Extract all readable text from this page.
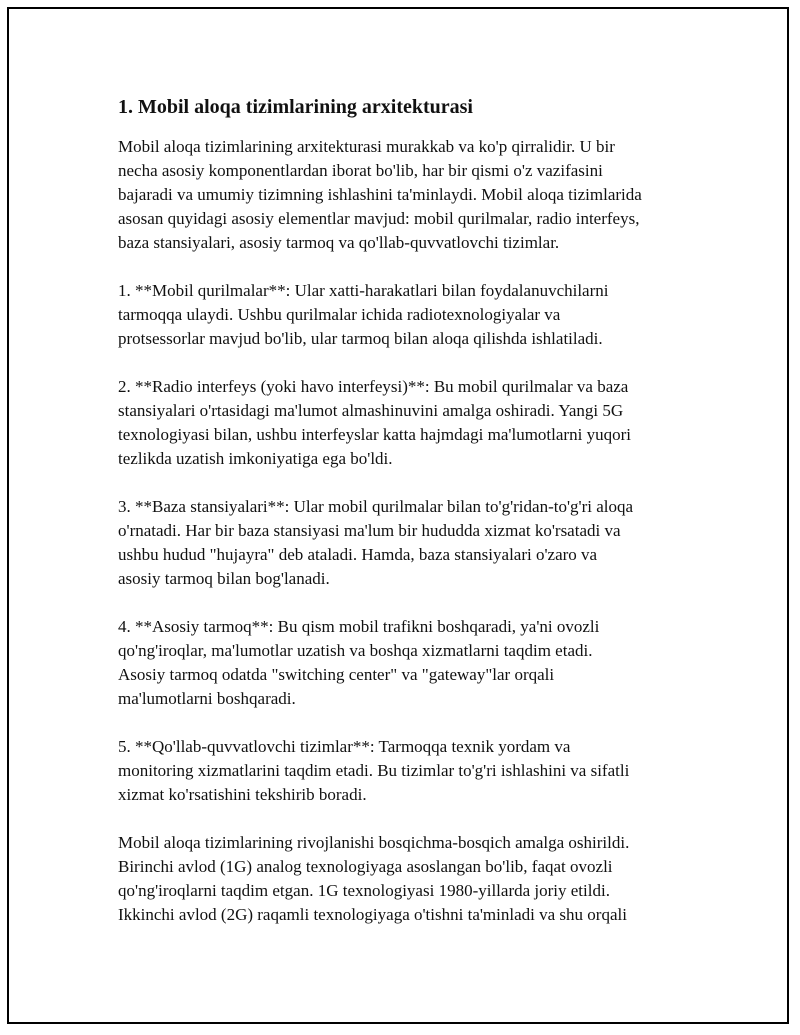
1. Mobil aloqa tizimlarining arxitekturasi

Mobil aloqa tizimlarining arxitekturasi murakkab va ko'p qirralidir. U bir
necha asosiy komponentlardan iborat bo'lib, har bir qismi o'z vazifasini
bajaradi va umumiy tizimning ishlashini ta'minlaydi. Mobil aloqa tizimlarida
asosan quyidagi asosiy elementlar mavjud: mobil qurilmalar, radio interfeys,
baza stansiyalari, asosiy tarmoq va qo'llab-quvvatlovchi tizimlar.

1. **Mobil qurilmalar**: Ular xatti-harakatlari bilan foydalanuvchilarni
tarmoqqa ulaydi. Ushbu qurilmalar ichida radiotexnologiyalar va
protsessorlar mavjud bo'lib, ular tarmoq bilan aloqa qilishda ishlatiladi.

2. **Radio interfeys (yoki havo interfeysi)**: Bu mobil qurilmalar va baza
stansiyalari o'rtasidagi ma'lumot almashinuvini amalga oshiradi. Yangi 5G
texnologiyasi bilan, ushbu interfeyslar katta hajmdagi ma'lumotlarni yuqori
tezlikda uzatish imkoniyatiga ega bo'ldi.

3. **Baza stansiyalari**: Ular mobil qurilmalar bilan to'g'ridan-to'g'ri aloqa
o'rnatadi. Har bir baza stansiyasi ma'lum bir hududda xizmat ko'rsatadi va
ushbu hudud "hujayra" deb ataladi. Hamda, baza stansiyalari o'zaro va
asosiy tarmoq bilan bog'lanadi.

4. **Asosiy tarmoq**: Bu qism mobil trafikni boshqaradi, ya'ni ovozli
qo'ng'iroqlar, ma'lumotlar uzatish va boshqa xizmatlarni taqdim etadi.
Asosiy tarmoq odatda "switching center" va "gateway"lar orqali
ma'lumotlarni boshqaradi.

5. **Qo'llab-quvvatlovchi tizimlar**: Tarmoqqa texnik yordam va
monitoring xizmatlarini taqdim etadi. Bu tizimlar to'g'ri ishlashini va sifatli
xizmat ko'rsatishini tekshirib boradi.

Mobil aloqa tizimlarining rivojlanishi bosqichma-bosqich amalga oshirildi.
Birinchi avlod (1G) analog texnologiyaga asoslangan bo'lib, faqat ovozli
qo'ng'iroqlarni taqdim etgan. 1G texnologiyasi 1980-yillarda joriy etildi.
Ikkinchi avlod (2G) raqamli texnologiyaga o'tishni ta'minladi va shu orqali
